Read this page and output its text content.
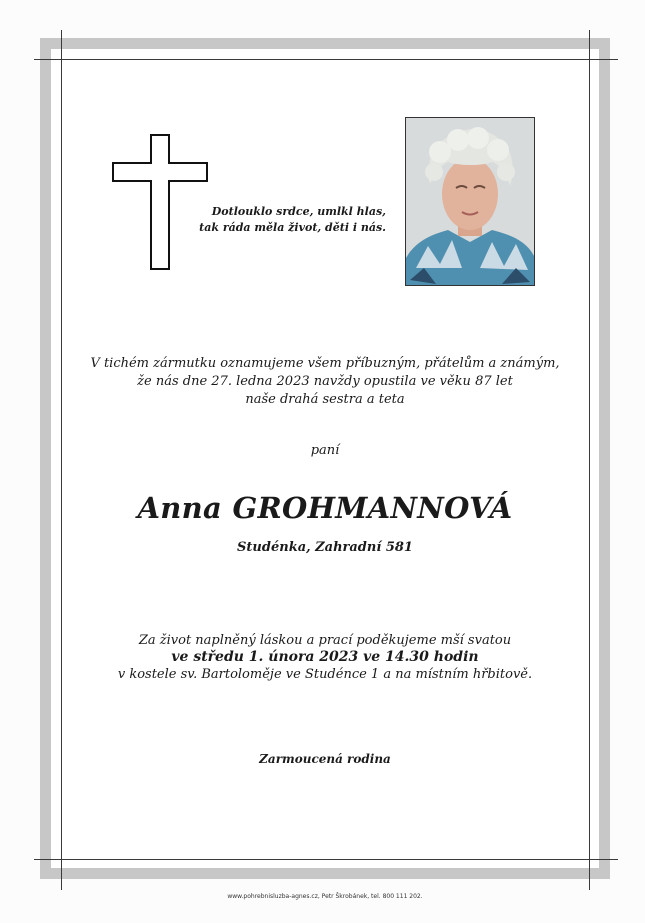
Dotlouklo srdce, umlkl hlas,
tak ráda měla život, děti i nás.
V tichém zármutku oznamujeme všem příbuzným, přátelům a známým,
že nás dne 27. ledna 2023 navždy opustila ve věku 87 let
naše drahá sestra a teta
paní
Anna GROHMANNOVÁ
Studénka, Zahradní 581
Za život naplněný láskou a prací poděkujeme mší svatou
ve středu 1. února 2023 ve 14.30 hodin
v kostele sv. Bartoloměje ve Studénce 1 a na místním hřbitově.
Zarmoucená rodina
www.pohrebnisluzba-agnes.cz, Petr Škrobánek, tel. 800 111 202.
